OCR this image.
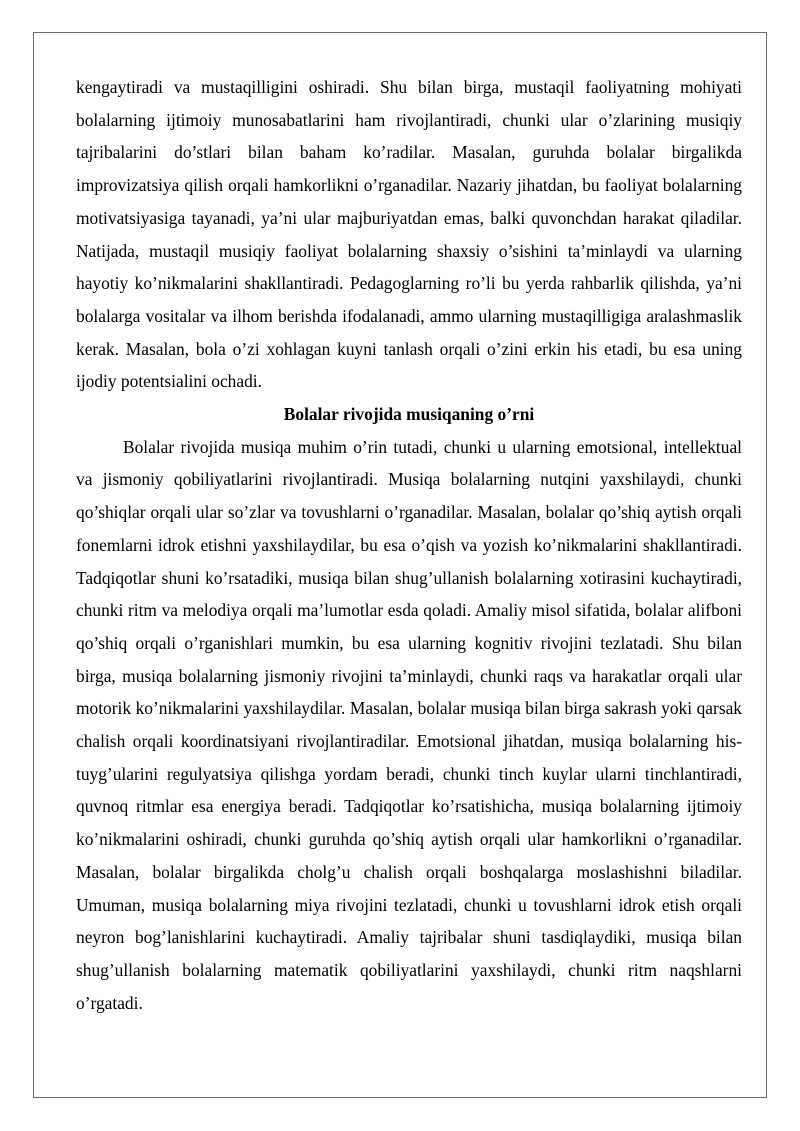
kengaytiradi va mustaqilligini oshiradi. Shu bilan birga, mustaqil faoliyatning mohiyati bolalarning ijtimoiy munosabatlarini ham rivojlantiradi, chunki ular o’zlarining musiqiy tajribalarini do’stlari bilan baham ko’radilar. Masalan, guruhda bolalar birgalikda improvizatsiya qilish orqali hamkorlikni o’rganadilar. Nazariy jihatdan, bu faoliyat bolalarning motivatsiyasiga tayanadi, ya’ni ular majburiyatdan emas, balki quvonchdan harakat qiladilar. Natijada, mustaqil musiqiy faoliyat bolalarning shaxsiy o’sishini ta’minlaydi va ularning hayotiy ko’nikmalarini shakllantiradi. Pedagoglarning ro’li bu yerda rahbarlik qilishda, ya’ni bolalarga vositalar va ilhom berishda ifodalanadi, ammo ularning mustaqilligiga aralashmaslik kerak. Masalan, bola o’zi xohlagan kuyni tanlash orqali o’zini erkin his etadi, bu esa uning ijodiy potentsialini ochadi.

Bolalar rivojida musiqaning o’rni

Bolalar rivojida musiqa muhim o’rin tutadi, chunki u ularning emotsional, intellektual va jismoniy qobiliyatlarini rivojlantiradi. Musiqa bolalarning nutqini yaxshilaydi, chunki qo’shiqlar orqali ular so’zlar va tovushlarni o’rganadilar. Masalan, bolalar qo’shiq aytish orqali fonemlarni idrok etishni yaxshilaydilar, bu esa o’qish va yozish ko’nikmalarini shakllantiradi. Tadqiqotlar shuni ko’rsatadiki, musiqa bilan shug’ullanish bolalarning xotirasini kuchaytiradi, chunki ritm va melodiya orqali ma’lumotlar esda qoladi. Amaliy misol sifatida, bolalar alifboni qo’shiq orqali o’rganishlari mumkin, bu esa ularning kognitiv rivojini tezlatadi. Shu bilan birga, musiqa bolalarning jismoniy rivojini ta’minlaydi, chunki raqs va harakatlar orqali ular motorik ko’nikmalarini yaxshilaydilar. Masalan, bolalar musiqa bilan birga sakrash yoki qarsak chalish orqali koordinatsiyani rivojlantiradilar. Emotsional jihatdan, musiqa bolalarning his-tuyg’ularini regulyatsiya qilishga yordam beradi, chunki tinch kuylar ularni tinchlantiradi, quvnoq ritmlar esa energiya beradi. Tadqiqotlar ko’rsatishicha, musiqa bolalarning ijtimoiy ko’nikmalarini oshiradi, chunki guruhda qo’shiq aytish orqali ular hamkorlikni o’rganadilar. Masalan, bolalar birgalikda cholg’u chalish orqali boshqalarga moslashishni biladilar. Umuman, musiqa bolalarning miya rivojini tezlatadi, chunki u tovushlarni idrok etish orqali neyron bog’lanishlarini kuchaytiradi. Amaliy tajribalar shuni tasdiqlaydiki, musiqa bilan shug’ullanish bolalarning matematik qobiliyatlarini yaxshilaydi, chunki ritm naqshlarni o’rgatadi.
